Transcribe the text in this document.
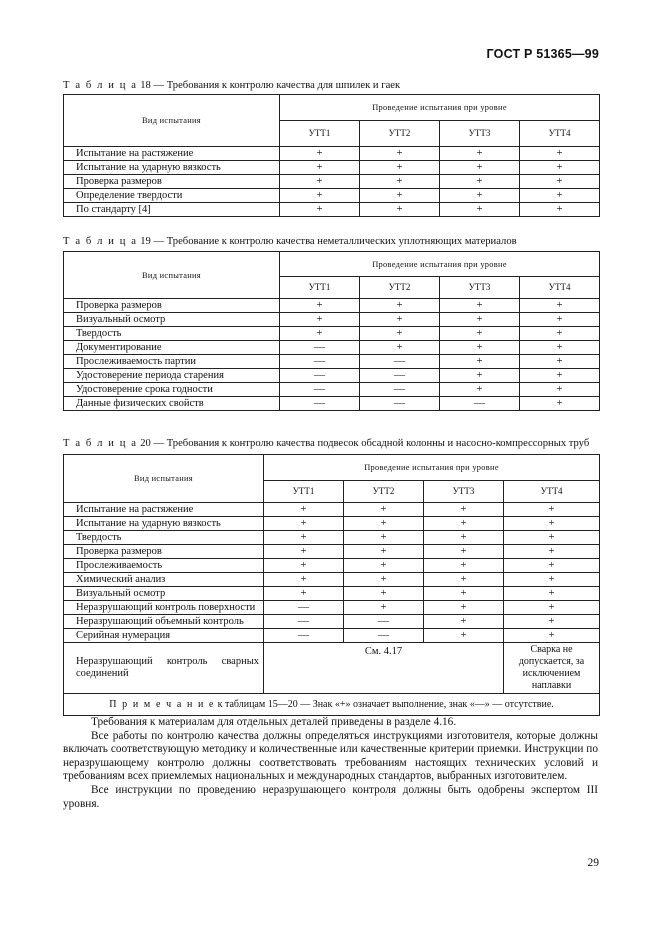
ГОСТ Р 51365—99
Т а б л и ц а 18 — Требования к контролю качества для шпилек и гаек
Вид испытания	Проведение испытания при уровне			
	УТТ1	УТТ2	УТТ3	УТТ4
Испытание на растяжение	+	+	+	+
Испытание на ударную вязкость	+	+	+	+
Проверка размеров	+	+	+	+
Определение твердости	+	+	+	+
По стандарту [4]	+	+	+	+
Т а б л и ц а 19 — Требование к контролю качества неметаллических уплотняющих материалов
Вид испытания	Проведение испытания при уровне			
	УТТ1	УТТ2	УТТ3	УТТ4
Проверка размеров	+	+	+	+
Визуальный осмотр	+	+	+	+
Твердость	+	+	+	+
Документирование	—	+	+	+
Прослеживаемость партии	—	—	+	+
Удостоверение периода старения	—	—	+	+
Удостоверение срока годности	—	—	+	+
Данные физических свойств	—	—	—	+
Т а б л и ц а 20 — Требования к контролю качества подвесок обсадной колонны и насосно-компрессорных труб
Вид испытания	Проведение испытания при уровне			
	УТТ1	УТТ2	УТТ3	УТТ4
Испытание на растяжение	+	+	+	+
Испытание на ударную вязкость	+	+	+	+
Твердость	+	+	+	+
Проверка размеров	+	+	+	+
Прослеживаемость	+	+	+	+
Химический анализ	+	+	+	+
Визуальный осмотр	+	+	+	+
Неразрушающий контроль поверхности	—	+	+	+
Неразрушающий объемный контроль	—	—	+	+
Серийная нумерация	—	—	+	+
Неразрушающий контроль сварных соединений	См. 4.17			Сварка не допускается, за исключением наплавки
П р и м е ч а н и е к таблицам 15—20 — Знак «+» означает выполнение, знак «—» — отсутствие.				

Требования к материалам для отдельных деталей приведены в разделе 4.16.

Все работы по контролю качества должны определяться инструкциями изготовителя, которые должны включать соответствующую методику и количественные или качественные критерии приемки. Инструкции по неразрушающему контролю должны соответствовать требованиям настоящих технических условий и требованиям всех приемлемых национальных и международных стандартов, выбранных изготовителем.

Все инструкции по проведению неразрушающего контроля должны быть одобрены экспертом III уровня.

29
